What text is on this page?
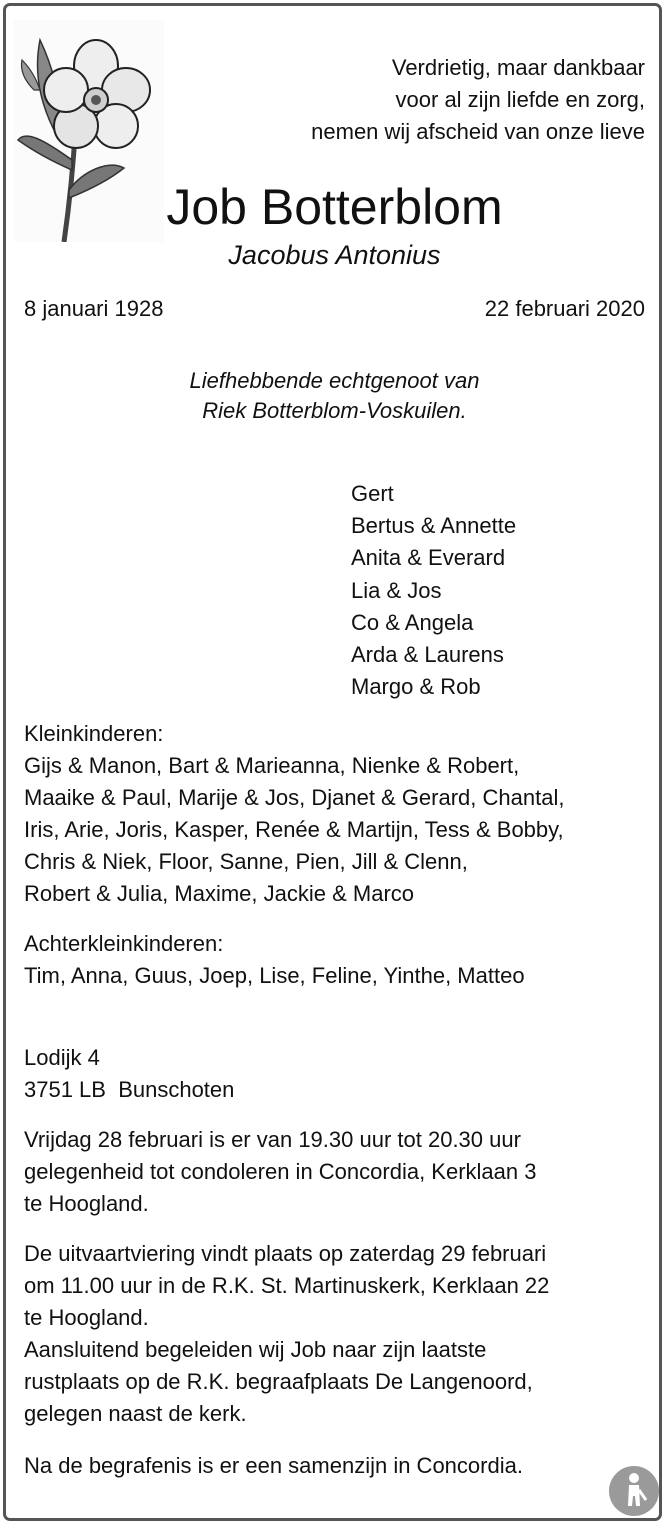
Verdrietig, maar dankbaar
voor al zijn liefde en zorg,
nemen wij afscheid van onze lieve
Job Botterblom
Jacobus Antonius
8 januari 1928	22 februari 2020
Liefhebbende echtgenoot van
Riek Botterblom-Voskuilen.
Gert
Bertus & Annette
Anita & Everard
Lia & Jos
Co & Angela
Arda & Laurens
Margo & Rob
Kleinkinderen:
Gijs & Manon, Bart & Marieanna, Nienke & Robert,
Maaike & Paul, Marije & Jos, Djanet & Gerard, Chantal,
Iris, Arie, Joris, Kasper, Renée & Martijn, Tess & Bobby,
Chris & Niek, Floor, Sanne, Pien, Jill & Clenn,
Robert & Julia, Maxime, Jackie & Marco
Achterkleinkinderen:
Tim, Anna, Guus, Joep, Lise, Feline, Yinthe, Matteo
Lodijk 4
3751 LB  Bunschoten
Vrijdag 28 februari is er van 19.30 uur tot 20.30 uur
gelegenheid tot condoleren in Concordia, Kerklaan 3
te Hoogland.
De uitvaartviering vindt plaats op zaterdag 29 februari
om 11.00 uur in de R.K. St. Martinuskerk, Kerklaan 22
te Hoogland.
Aansluitend begeleiden wij Job naar zijn laatste
rustplaats op de R.K. begraafplaats De Langenoord,
gelegen naast de kerk.
Na de begrafenis is er een samenzijn in Concordia.
